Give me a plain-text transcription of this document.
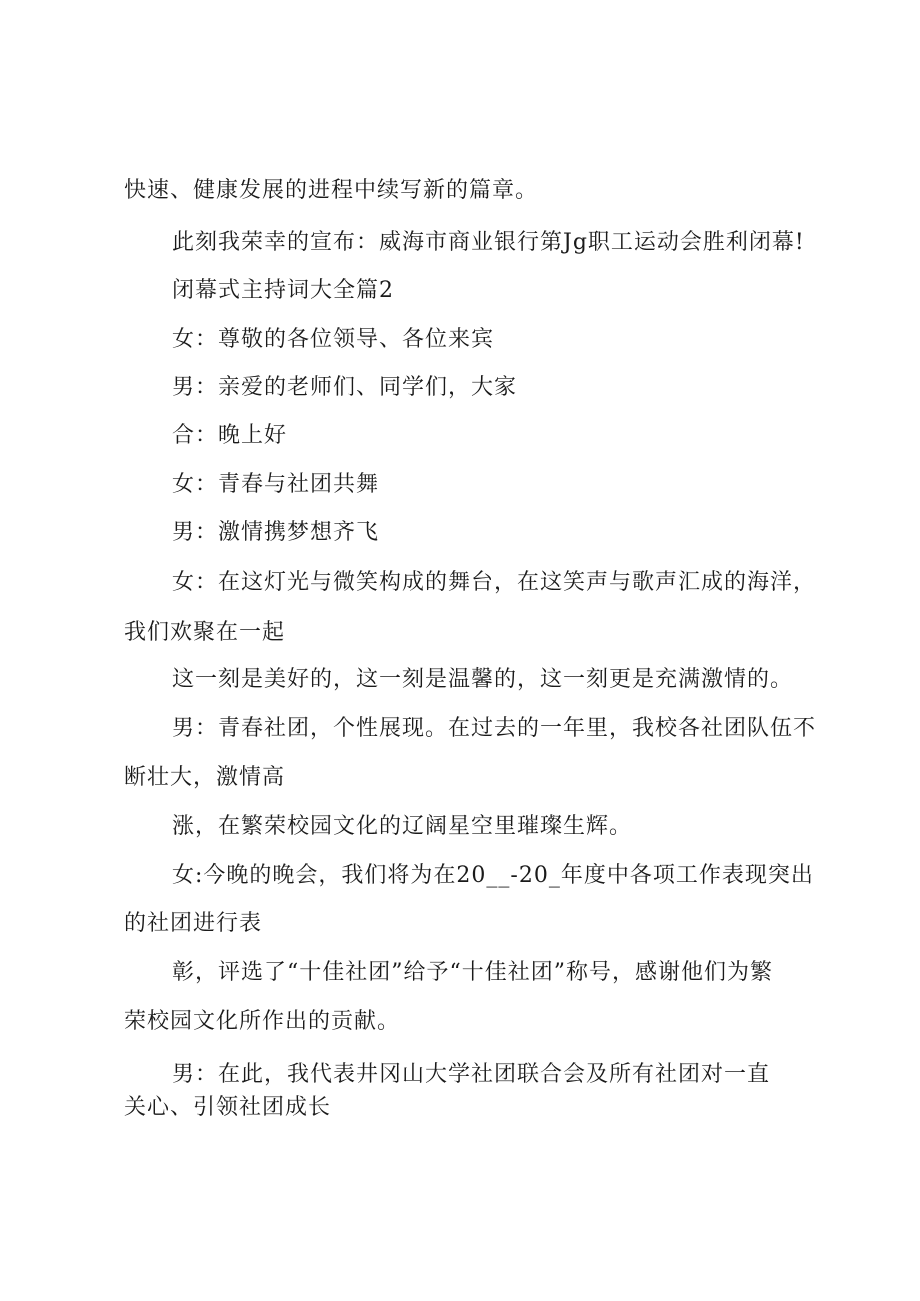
快速、健康发展的进程中续写新的篇章。
此刻我荣幸的宣布：威海市商业银行第Jg职工运动会胜利闭幕!
闭幕式主持词大全篇2
女：尊敬的各位领导、各位来宾
男：亲爱的老师们、同学们，大家
合：晚上好
女：青春与社团共舞
男：激情携梦想齐飞
女：在这灯光与微笑构成的舞台，在这笑声与歌声汇成的海洋，
我们欢聚在一起
这一刻是美好的，这一刻是温馨的，这一刻更是充满激情的。
男：青春社团，个性展现。在过去的一年里，我校各社团队伍不
断壮大，激情高
涨，在繁荣校园文化的辽阔星空里璀璨生辉。
女:今晚的晚会，我们将为在20__-20_年度中各项工作表现突出
的社团进行表
彰，评选了“十佳社团”给予“十佳社团”称号，感谢他们为繁
荣校园文化所作出的贡献。
男：在此，我代表井冈山大学社团联合会及所有社团对一直
关心、引领社团成长
